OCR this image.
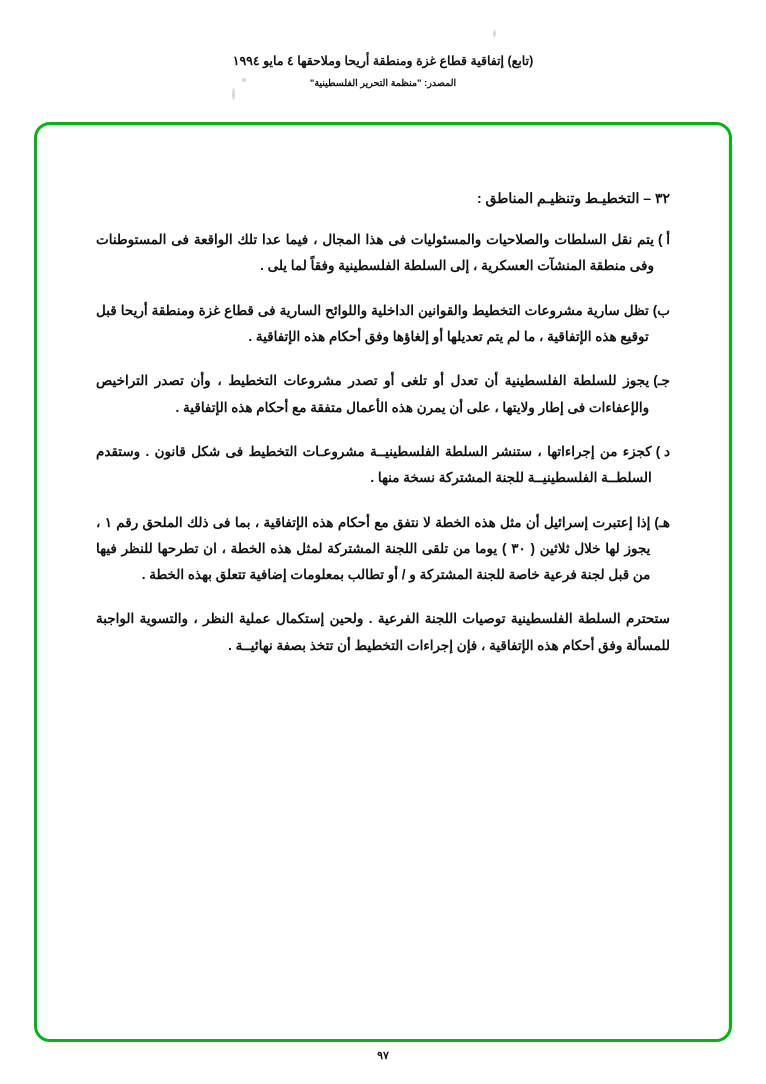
(تابع) إتفاقية قطاع غزة ومنطقة أريحا وملاحقها ٤ مايو ١٩٩٤
المصدر: "منظمة التحرير الفلسطينية"
٣٢ – التخطيـط وتنظيـم المناطق :
أ )
يتم نقل السلطات والصلاحيات والمسئوليات فى هذا المجال ، فيما عدا تلك الواقعة فى المستوطنات وفى منطقة المنشآت العسكرية ، إلى السلطة الفلسطينية وفقاً لما يلى .
ب)
تظل سارية مشروعات التخطيط والقوانين الداخلية واللوائح السارية فى قطاع غزة ومنطقة أريحا قبل توقيع هذه الإتفاقية ، ما لم يتم تعديلها أو إلغاؤها وفق أحكام هذه الإتفاقية .
جـ)
يجوز للسلطة الفلسطينية أن تعدل أو تلغى أو تصدر مشروعات التخطيط ، وأن تصدر التراخيص والإعفاءات فى إطار ولايتها ، على أن يمرن هذه الأعمال متفقة مع أحكام هذه الإتفاقية .
د )
كجزء من إجراءاتها ، ستنشر السلطة الفلسطينيــة مشروعـات التخطيط فى شكل قانون . وستقدم السلطــة الفلسطينيــة للجنة المشتركة نسخة منها .
هـ)
إذا إعتبرت إسرائيل أن مثل هذه الخطة لا نتفق مع أحكام هذه الإتفاقية ، بما فى ذلك الملحق رقم ١ ، يجوز لها خلال ثلاثين ( ٣٠ ) يوما من تلقى اللجنة المشتركة لمثل هذه الخطة ، ان تطرحها للنظر فيها من قبل لجنة فرعية خاصة للجنة المشتركة و / أو تطالب بمعلومات إضافية تتعلق بهذه الخطة .
ستحترم السلطة الفلسطينية توصيات اللجنة الفرعية . ولحين إستكمال عملية النظر ، والتسوية الواجبة للمسألة وفق أحكام هذه الإتفاقية ، فإن إجراءات التخطيط أن تتخذ بصفة نهائيــة .
٩٧
